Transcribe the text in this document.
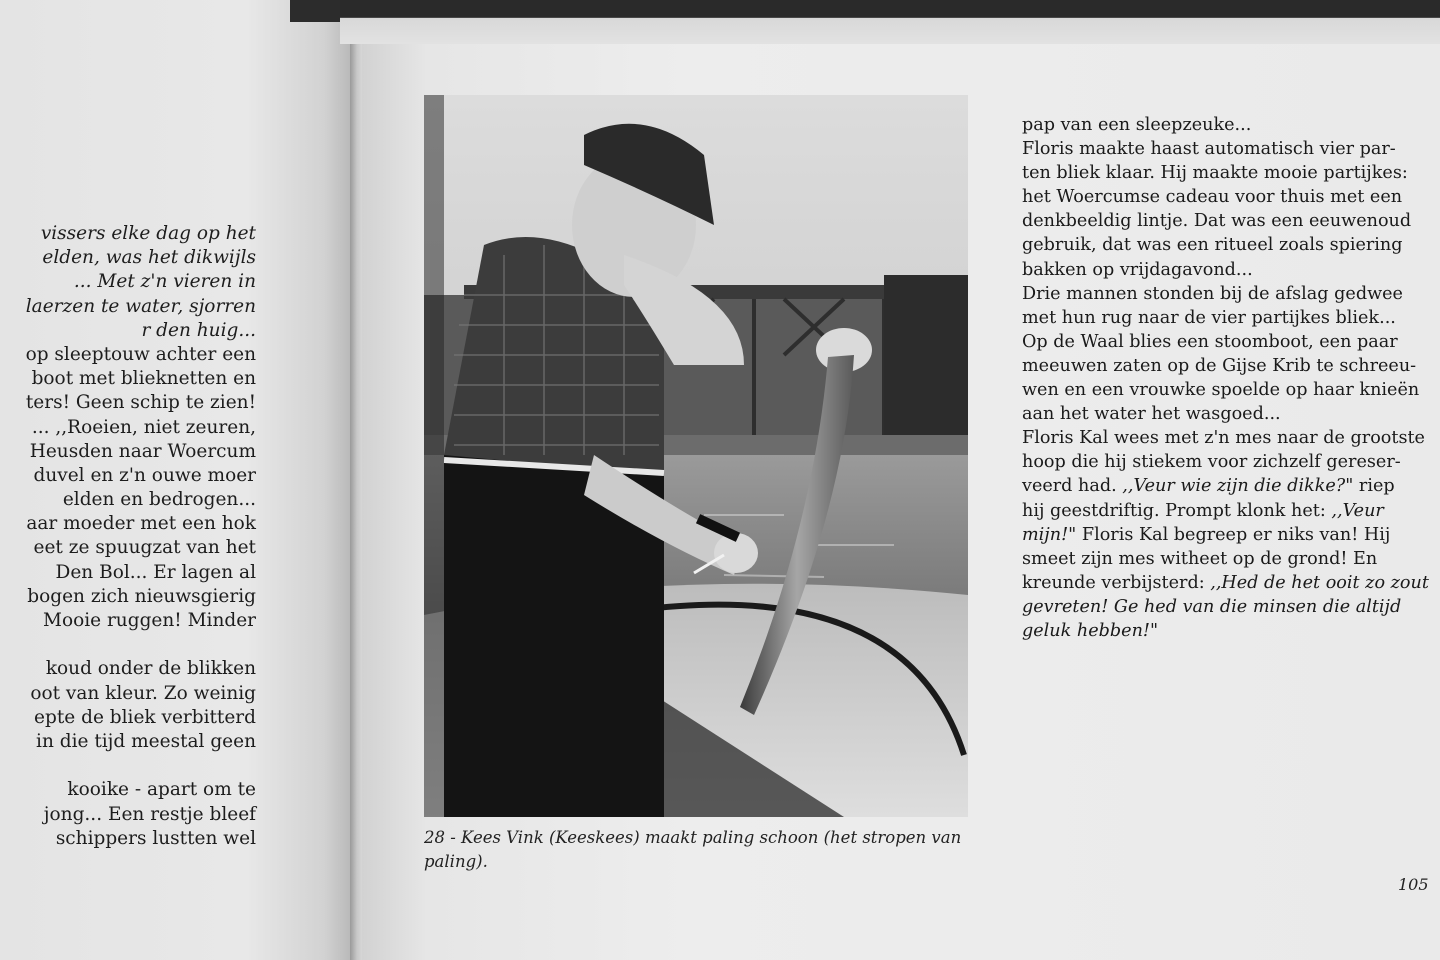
vissers elke dag op het
elden, was het dikwijls
... Met z'n vieren in
laerzen te water, sjorren
r den huig...
op sleeptouw achter een
boot met blieknetten en
ters! Geen schip te zien!
... ,,Roeien, niet zeuren,
Heusden naar Woercum
duvel en z'n ouwe moer
elden en bedrogen...
aar moeder met een hok
eet ze spuugzat van het
Den Bol... Er lagen al
bogen zich nieuwsgierig
Mooie ruggen! Minder
koud onder de blikken
oot van kleur. Zo weinig
epte de bliek verbitterd
in die tijd meestal geen
kooike - apart om te
jong... Een restje bleef
schippers lustten wel	28 - Kees Vink (Keeskees) maakt paling schoon (het stropen van paling).
pap van een sleepzeuke...
Floris maakte haast automatisch vier par-
ten bliek klaar. Hij maakte mooie partijkes:
het Woercumse cadeau voor thuis met een
denkbeeldig lintje. Dat was een eeuwenoud
gebruik, dat was een ritueel zoals spiering
bakken op vrijdagavond...
Drie mannen stonden bij de afslag gedwee
met hun rug naar de vier partijkes bliek...
Op de Waal blies een stoomboot, een paar
meeuwen zaten op de Gijse Krib te schreeu-
wen en een vrouwke spoelde op haar knieën
aan het water het wasgoed...
Floris Kal wees met z'n mes naar de grootste
hoop die hij stiekem voor zichzelf gereser-
veerd had. ,,Veur wie zijn die dikke?" riep
hij geestdriftig. Prompt klonk het: ,,Veur
mijn!" Floris Kal begreep er niks van! Hij
smeet zijn mes witheet op de grond! En
kreunde verbijsterd: ,,Hed de het ooit zo zout
gevreten! Ge hed van die minsen die altijd
geluk hebben!"
105
